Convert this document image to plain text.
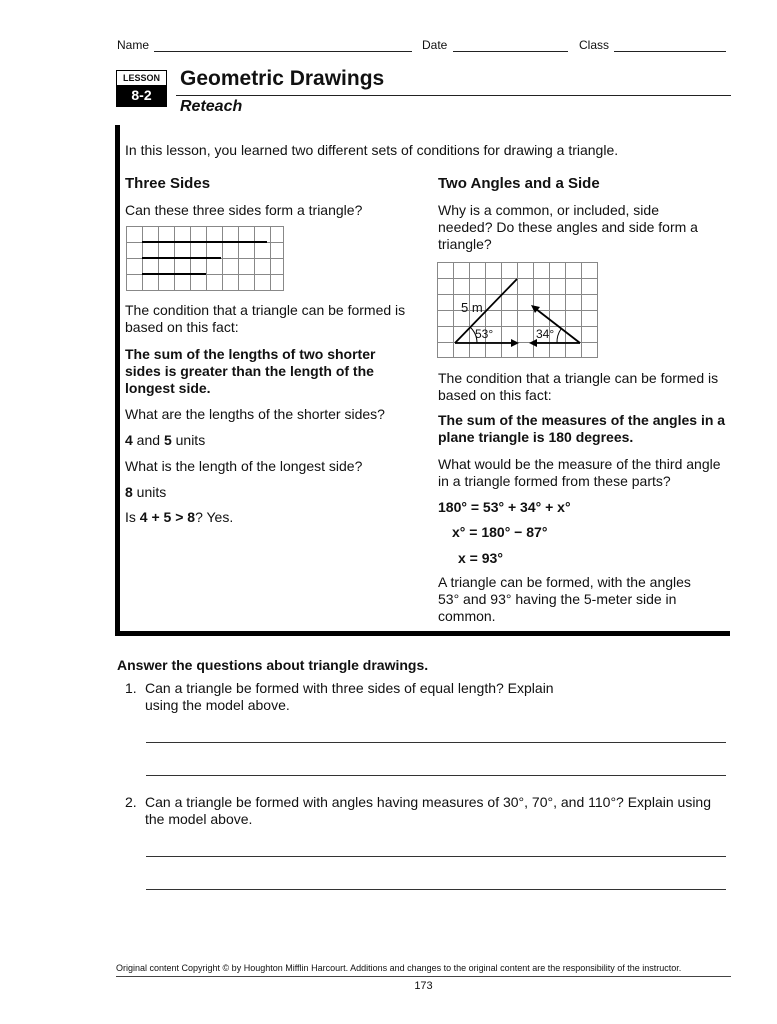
Name	Date	Class
LESSON
8-2
Geometric Drawings
Reteach
In this lesson, you learned two different sets of conditions for drawing a triangle.
Three Sides
Can these three sides form a triangle?
The condition that a triangle can be formed is based on this fact:
The sum of the lengths of two shorter sides is greater than the length of the longest side.
What are the lengths of the shorter sides?
4 and 5 units
What is the length of the longest side?
8 units
Is 4 + 5 > 8? Yes.
Two Angles and a Side
Why is a common, or included, side needed? Do these angles and side form a triangle?
5 m
53°	34°
The condition that a triangle can be formed is based on this fact:
The sum of the measures of the angles in a plane triangle is 180 degrees.
What would be the measure of the third angle in a triangle formed from these parts?
180° = 53° + 34° + x°
x° = 180° − 87°
x = 93°
A triangle can be formed, with the angles 53° and 93° having the 5-meter side in common.
Answer the questions about triangle drawings.
1. Can a triangle be formed with three sides of equal length? Explain using the model above.
2. Can a triangle be formed with angles having measures of 30°, 70°, and 110°? Explain using the model above.
Original content Copyright © by Houghton Mifflin Harcourt. Additions and changes to the original content are the responsibility of the instructor.
173
